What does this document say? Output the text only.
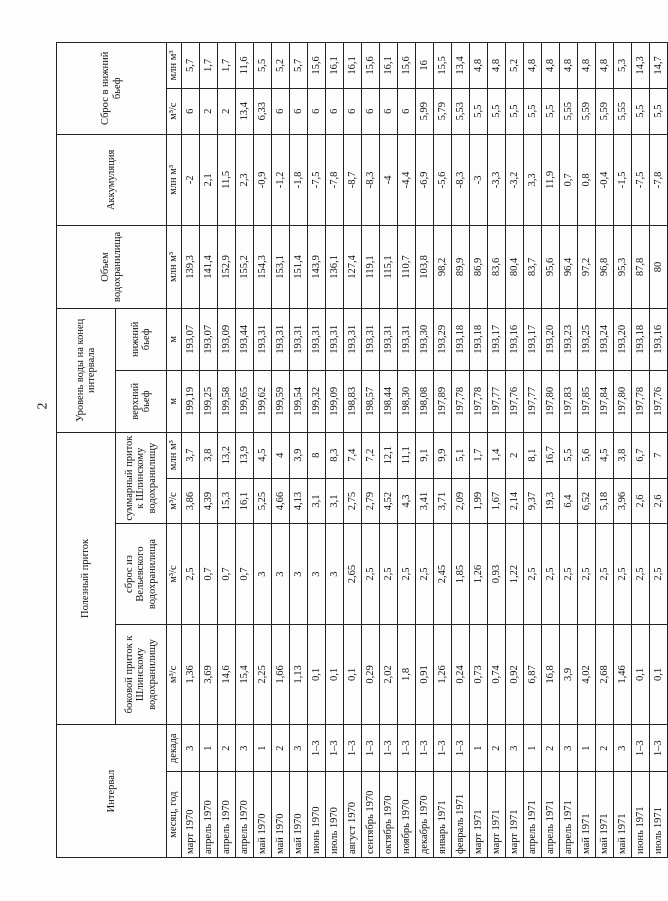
2
Интервал		Полезный приток				Уровень воды на конец интервала		Объем водохранилища	Аккумуляция	Сброс в нижний бьеф	
		боковой приток к Шлинскому водохранилищу	сброс из Вельевского водохранилища	суммарный приток к Шлинскому водохранилищу		верхний бьеф	нижний бьеф				
месяц, год	декада	м³/с	м³/с	м³/с	млн м³	м	м	млн м³	млн м³	м³/с	млн м³
март 1970	3	1,36	2,5	3,86	3,7	199,19	193,07	139,3	-2	6	5,7
апрель 1970	1	3,69	0,7	4,39	3,8	199,25	193,07	141,4	2,1	2	1,7
апрель 1970	2	14,6	0,7	15,3	13,2	199,58	193,09	152,9	11,5	2	1,7
апрель 1970	3	15,4	0,7	16,1	13,9	199,65	193,44	155,2	2,3	13,4	11,6
май 1970	1	2,25	3	5,25	4,5	199,62	193,31	154,3	-0,9	6,33	5,5
май 1970	2	1,66	3	4,66	4	199,59	193,31	153,1	-1,2	6	5,2
май 1970	3	1,13	3	4,13	3,9	199,54	193,31	151,4	-1,8	6	5,7
июнь 1970	1–3	0,1	3	3,1	8	199,32	193,31	143,9	-7,5	6	15,6
июль 1970	1–3	0,1	3	3,1	8,3	199,09	193,31	136,1	-7,8	6	16,1
август 1970	1–3	0,1	2,65	2,75	7,4	198,83	193,31	127,4	-8,7	6	16,1
сентябрь 1970	1–3	0,29	2,5	2,79	7,2	198,57	193,31	119,1	-8,3	6	15,6
октябрь 1970	1–3	2,02	2,5	4,52	12,1	198,44	193,31	115,1	-4	6	16,1
ноябрь 1970	1–3	1,8	2,5	4,3	11,1	198,30	193,31	110,7	-4,4	6	15,6
декабрь 1970	1–3	0,91	2,5	3,41	9,1	198,08	193,30	103,8	-6,9	5,99	16
январь 1971	1–3	1,26	2,45	3,71	9,9	197,89	193,29	98,2	-5,6	5,79	15,5
февраль 1971	1–3	0,24	1,85	2,09	5,1	197,78	193,18	89,9	-8,3	5,53	13,4
март 1971	1	0,73	1,26	1,99	1,7	197,78	193,18	86,9	-3	5,5	4,8
март 1971	2	0,74	0,93	1,67	1,4	197,77	193,17	83,6	-3,3	5,5	4,8
март 1971	3	0,92	1,22	2,14	2	197,76	193,16	80,4	-3,2	5,5	5,2
апрель 1971	1	6,87	2,5	9,37	8,1	197,77	193,17	83,7	3,3	5,5	4,8
апрель 1971	2	16,8	2,5	19,3	16,7	197,80	193,20	95,6	11,9	5,5	4,8
апрель 1971	3	3,9	2,5	6,4	5,5	197,83	193,23	96,4	0,7	5,55	4,8
май 1971	1	4,02	2,5	6,52	5,6	197,85	193,25	97,2	0,8	5,59	4,8
май 1971	2	2,68	2,5	5,18	4,5	197,84	193,24	96,8	-0,4	5,59	4,8
май 1971	3	1,46	2,5	3,96	3,8	197,80	193,20	95,3	-1,5	5,55	5,3
июнь 1971	1–3	0,1	2,5	2,6	6,7	197,78	193,18	87,8	-7,5	5,5	14,3
июль 1971	1–3	0,1	2,5	2,6	7	197,76	193,16	80	-7,8	5,5	14,7
